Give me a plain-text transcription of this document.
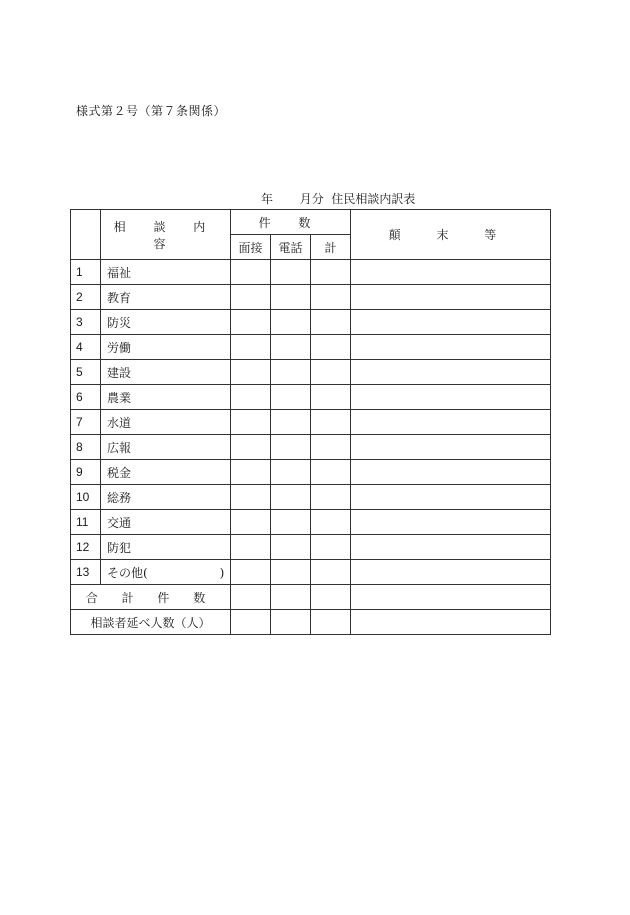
様式第２号（第７条関係）
年 月分 住民相談内訳表
	相 談 内 容	件 数			顛 末 等
		面接	電話	計	
1	福祉				
2	教育				
3	防災				
4	労働				
5	建設				
6	農業				
7	水道				
8	広報				
9	税金				
10	総務				
11	交通				
12	防犯				
13	その他(　　　　　　)				
合 計 件 数					
相談者延べ人数（人）					
